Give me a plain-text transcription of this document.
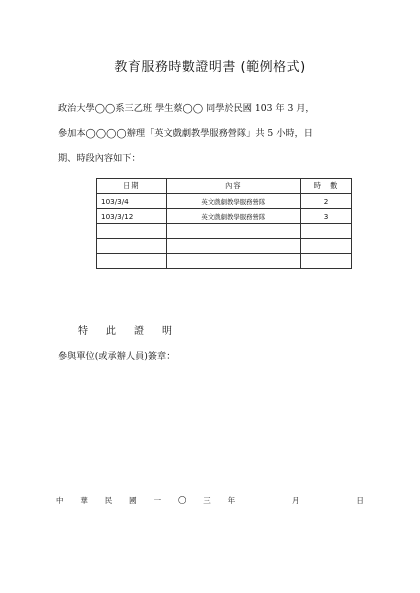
教育服務時數證明書 (範例格式)
政治大學◯◯系三乙班 學生蔡◯◯ 同學於民國 103 年 3 月，
參加本◯◯◯◯辦理「英文戲劇教學服務營隊」共 5 小時，日
期、時段內容如下：
日期	內容	時　數
103/3/4	英文戲劇教學服務營隊	2
103/3/12	英文戲劇教學服務營隊	3

特此證明
參與單位(或承辦人員)簽章：
中 華 民 國 一 ◯ 三 年	月	日
